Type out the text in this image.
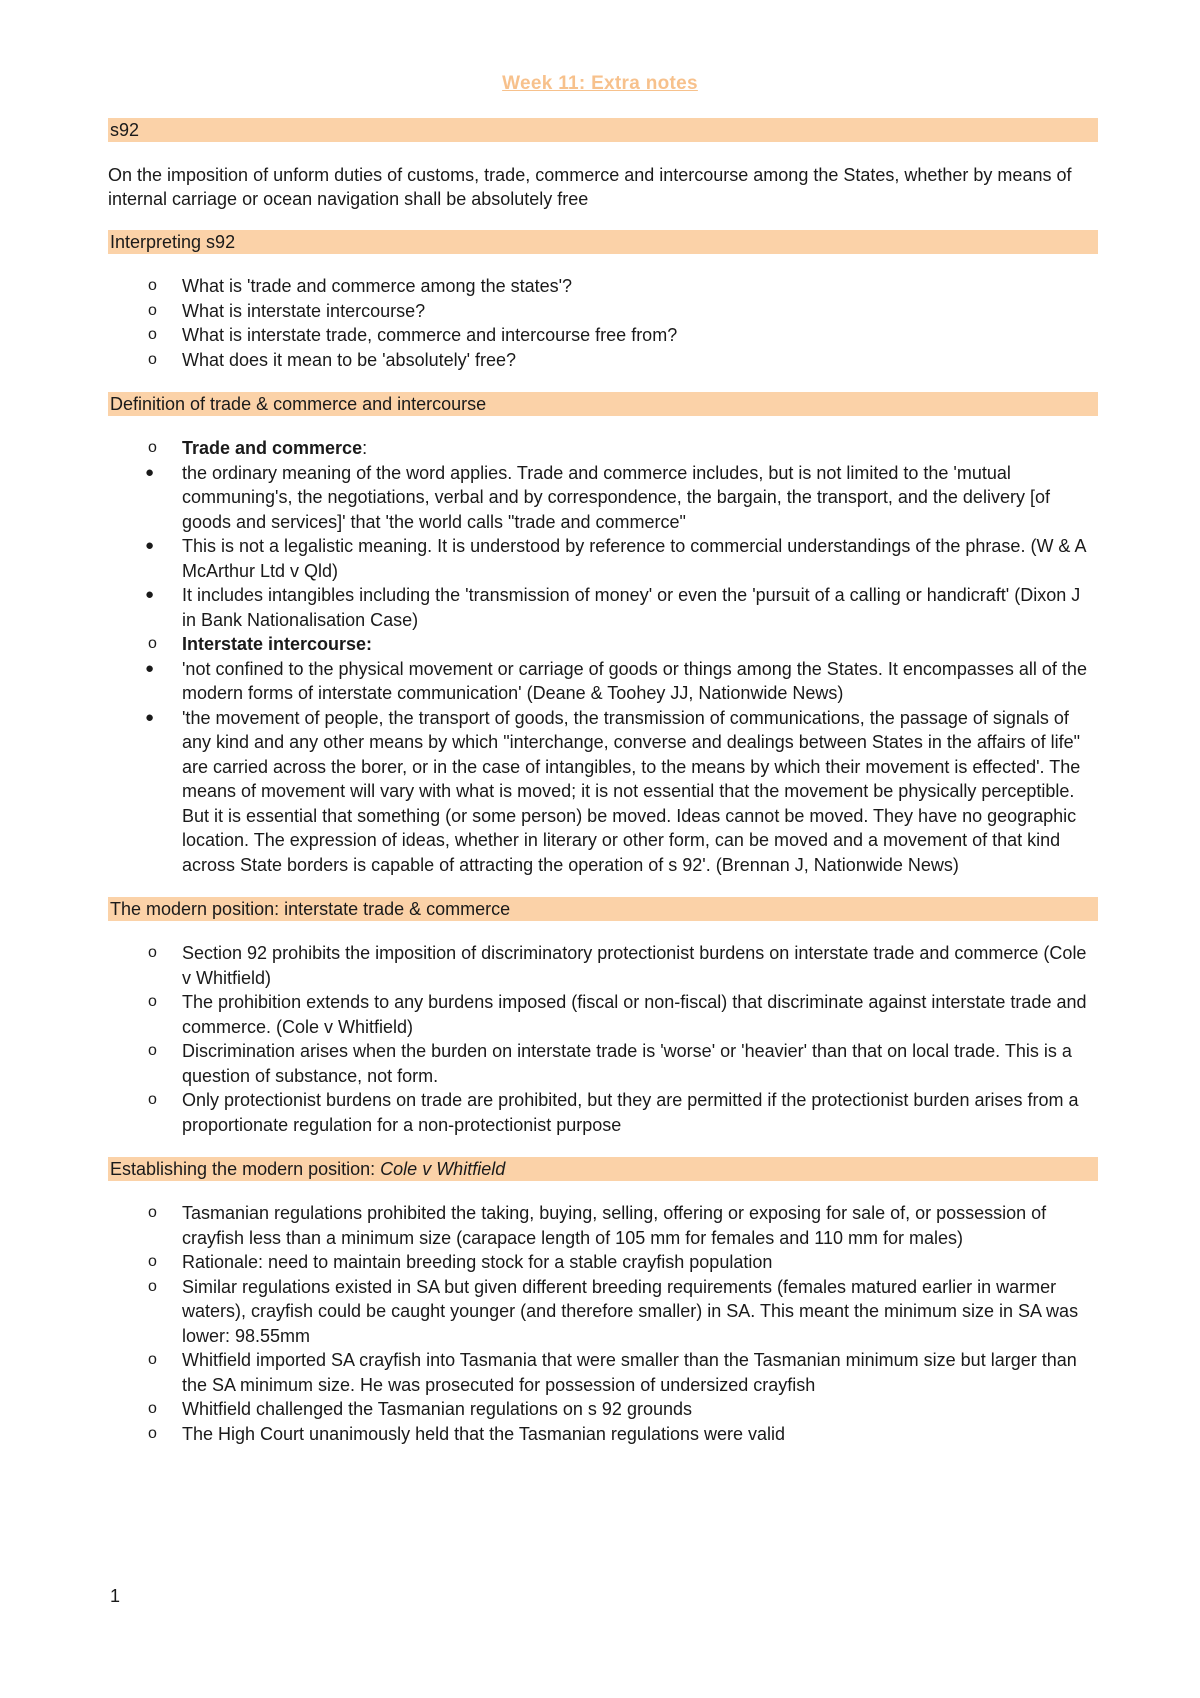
Week 11: Extra notes
s92
On the imposition of unform duties of customs, trade, commerce and intercourse among the States, whether by means of internal carriage or ocean navigation shall be absolutely free
Interpreting s92
o What is 'trade and commerce among the states'?
o What is interstate intercourse?
o What is interstate trade, commerce and intercourse free from?
o What does it mean to be 'absolutely' free?
Definition of trade & commerce and intercourse
o Trade and commerce:
● the ordinary meaning of the word applies. Trade and commerce includes, but is not limited to the 'mutual communing's, the negotiations, verbal and by correspondence, the bargain, the transport, and the delivery [of goods and services]' that 'the world calls "trade and commerce"
● This is not a legalistic meaning. It is understood by reference to commercial understandings of the phrase. (W & A McArthur Ltd v Qld)
● It includes intangibles including the 'transmission of money' or even the 'pursuit of a calling or handicraft' (Dixon J in Bank Nationalisation Case)
o Interstate intercourse:
● 'not confined to the physical movement or carriage of goods or things among the States. It encompasses all of the modern forms of interstate communication' (Deane & Toohey JJ, Nationwide News)
● 'the movement of people, the transport of goods, the transmission of communications, the passage of signals of any kind and any other means by which "interchange, converse and dealings between States in the affairs of life" are carried across the borer, or in the case of intangibles, to the means by which their movement is effected'. The means of movement will vary with what is moved; it is not essential that the movement be physically perceptible. But it is essential that something (or some person) be moved. Ideas cannot be moved. They have no geographic location. The expression of ideas, whether in literary or other form, can be moved and a movement of that kind across State borders is capable of attracting the operation of s 92'. (Brennan J, Nationwide News)
The modern position: interstate trade & commerce
o Section 92 prohibits the imposition of discriminatory protectionist burdens on interstate trade and commerce (Cole v Whitfield)
o The prohibition extends to any burdens imposed (fiscal or non-fiscal) that discriminate against interstate trade and commerce. (Cole v Whitfield)
o Discrimination arises when the burden on interstate trade is 'worse' or 'heavier' than that on local trade. This is a question of substance, not form.
o Only protectionist burdens on trade are prohibited, but they are permitted if the protectionist burden arises from a proportionate regulation for a non-protectionist purpose
Establishing the modern position: Cole v Whitfield
o Tasmanian regulations prohibited the taking, buying, selling, offering or exposing for sale of, or possession of crayfish less than a minimum size (carapace length of 105 mm for females and 110 mm for males)
o Rationale: need to maintain breeding stock for a stable crayfish population
o Similar regulations existed in SA but given different breeding requirements (females matured earlier in warmer waters), crayfish could be caught younger (and therefore smaller) in SA. This meant the minimum size in SA was lower: 98.55mm
o Whitfield imported SA crayfish into Tasmania that were smaller than the Tasmanian minimum size but larger than the SA minimum size. He was prosecuted for possession of undersized crayfish
o Whitfield challenged the Tasmanian regulations on s 92 grounds
o The High Court unanimously held that the Tasmanian regulations were valid
1
